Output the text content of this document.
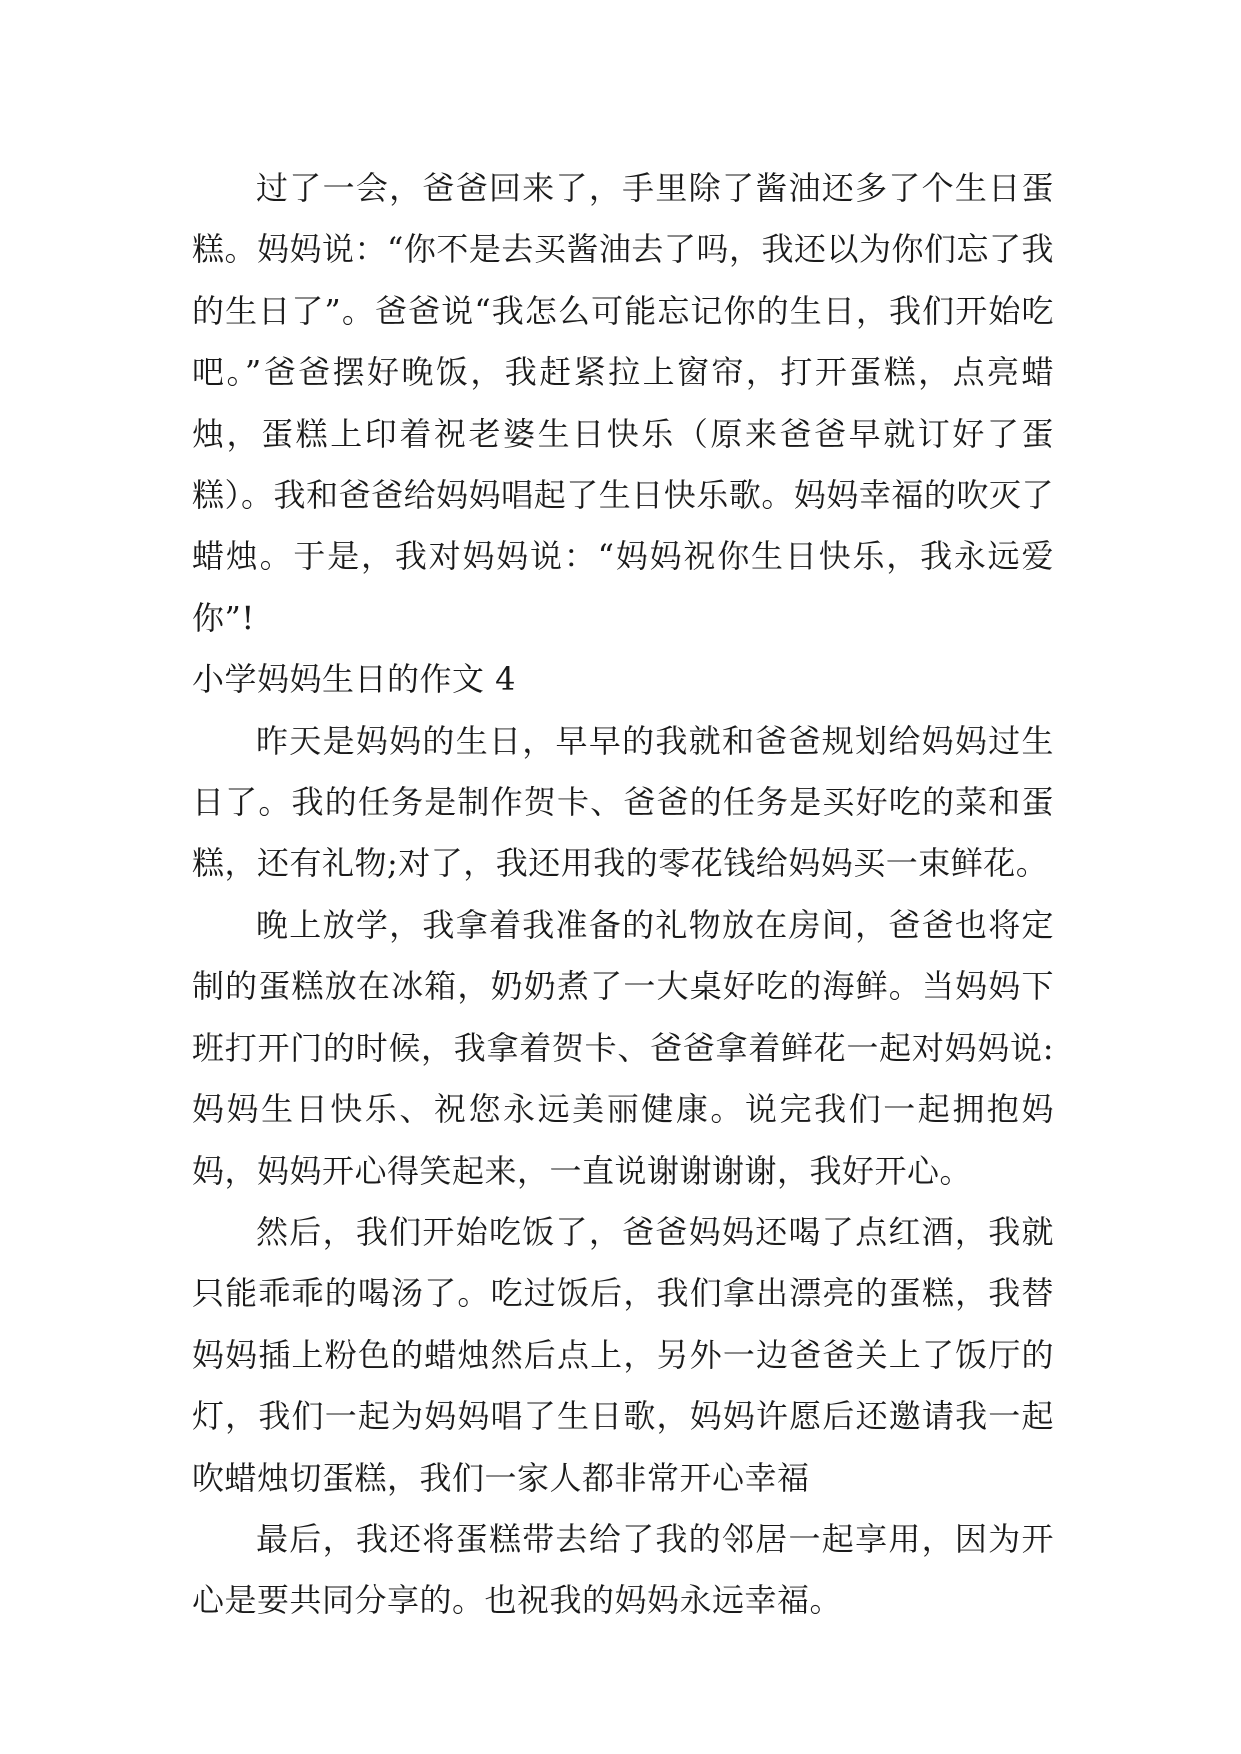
过了一会，爸爸回来了，手里除了酱油还多了个生日蛋糕。妈妈说：“你不是去买酱油去了吗，我还以为你们忘了我的生日了”。爸爸说“我怎么可能忘记你的生日，我们开始吃吧。”爸爸摆好晚饭，我赶紧拉上窗帘，打开蛋糕，点亮蜡烛，蛋糕上印着祝老婆生日快乐（原来爸爸早就订好了蛋糕）。我和爸爸给妈妈唱起了生日快乐歌。妈妈幸福的吹灭了蜡烛。于是，我对妈妈说：“妈妈祝你生日快乐，我永远爱你”!

小学妈妈生日的作文 4

昨天是妈妈的生日，早早的我就和爸爸规划给妈妈过生日了。我的任务是制作贺卡、爸爸的任务是买好吃的菜和蛋糕，还有礼物;对了，我还用我的零花钱给妈妈买一束鲜花。

晚上放学，我拿着我准备的礼物放在房间，爸爸也将定制的蛋糕放在冰箱，奶奶煮了一大桌好吃的海鲜。当妈妈下班打开门的时候，我拿着贺卡、爸爸拿着鲜花一起对妈妈说:妈妈生日快乐、祝您永远美丽健康。说完我们一起拥抱妈妈，妈妈开心得笑起来，一直说谢谢谢谢，我好开心。

然后，我们开始吃饭了，爸爸妈妈还喝了点红酒，我就只能乖乖的喝汤了。吃过饭后，我们拿出漂亮的蛋糕，我替妈妈插上粉色的蜡烛然后点上，另外一边爸爸关上了饭厅的灯，我们一起为妈妈唱了生日歌，妈妈许愿后还邀请我一起吹蜡烛切蛋糕，我们一家人都非常开心幸福

最后，我还将蛋糕带去给了我的邻居一起享用，因为开心是要共同分享的。也祝我的妈妈永远幸福。
